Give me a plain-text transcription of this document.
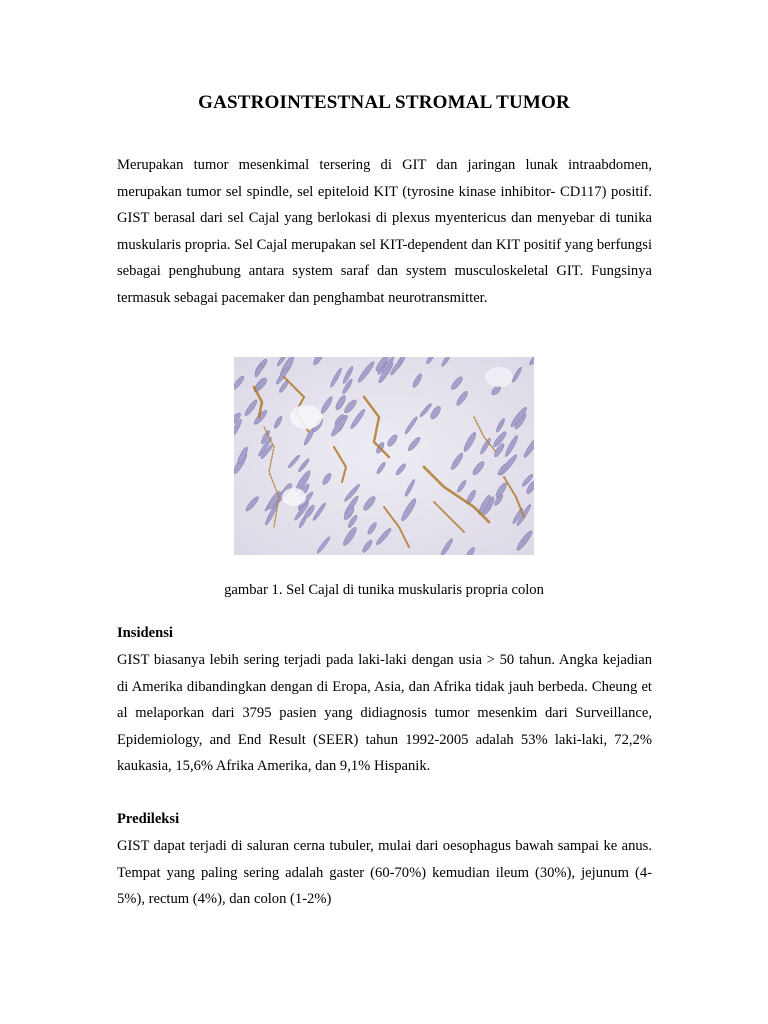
GASTROINTESTNAL STROMAL TUMOR

Merupakan tumor mesenkimal tersering di GIT dan jaringan lunak intraabdomen, merupakan tumor sel spindle, sel epiteloid KIT (tyrosine kinase inhibitor- CD117) positif. GIST berasal dari sel Cajal yang berlokasi di plexus myentericus dan menyebar di tunika muskularis propria. Sel Cajal merupakan sel KIT-dependent dan KIT positif yang berfungsi sebagai penghubung antara system saraf dan system musculoskeletal GIT. Fungsinya termasuk sebagai pacemaker dan penghambat neurotransmitter.

gambar 1. Sel Cajal di tunika muskularis propria colon
Insidensi

GIST biasanya lebih sering terjadi pada laki-laki dengan usia > 50 tahun. Angka kejadian di Amerika dibandingkan dengan di Eropa, Asia, dan Afrika tidak jauh berbeda. Cheung et al melaporkan dari 3795 pasien yang didiagnosis tumor mesenkim dari Surveillance, Epidemiology, and End Result (SEER) tahun 1992-2005 adalah 53% laki-laki, 72,2% kaukasia, 15,6% Afrika Amerika, dan 9,1% Hispanik.

Predileksi

GIST dapat terjadi di saluran cerna tubuler, mulai dari oesophagus bawah sampai ke anus. Tempat yang paling sering adalah gaster (60-70%) kemudian ileum (30%), jejunum (4-5%), rectum (4%), dan colon (1-2%)
